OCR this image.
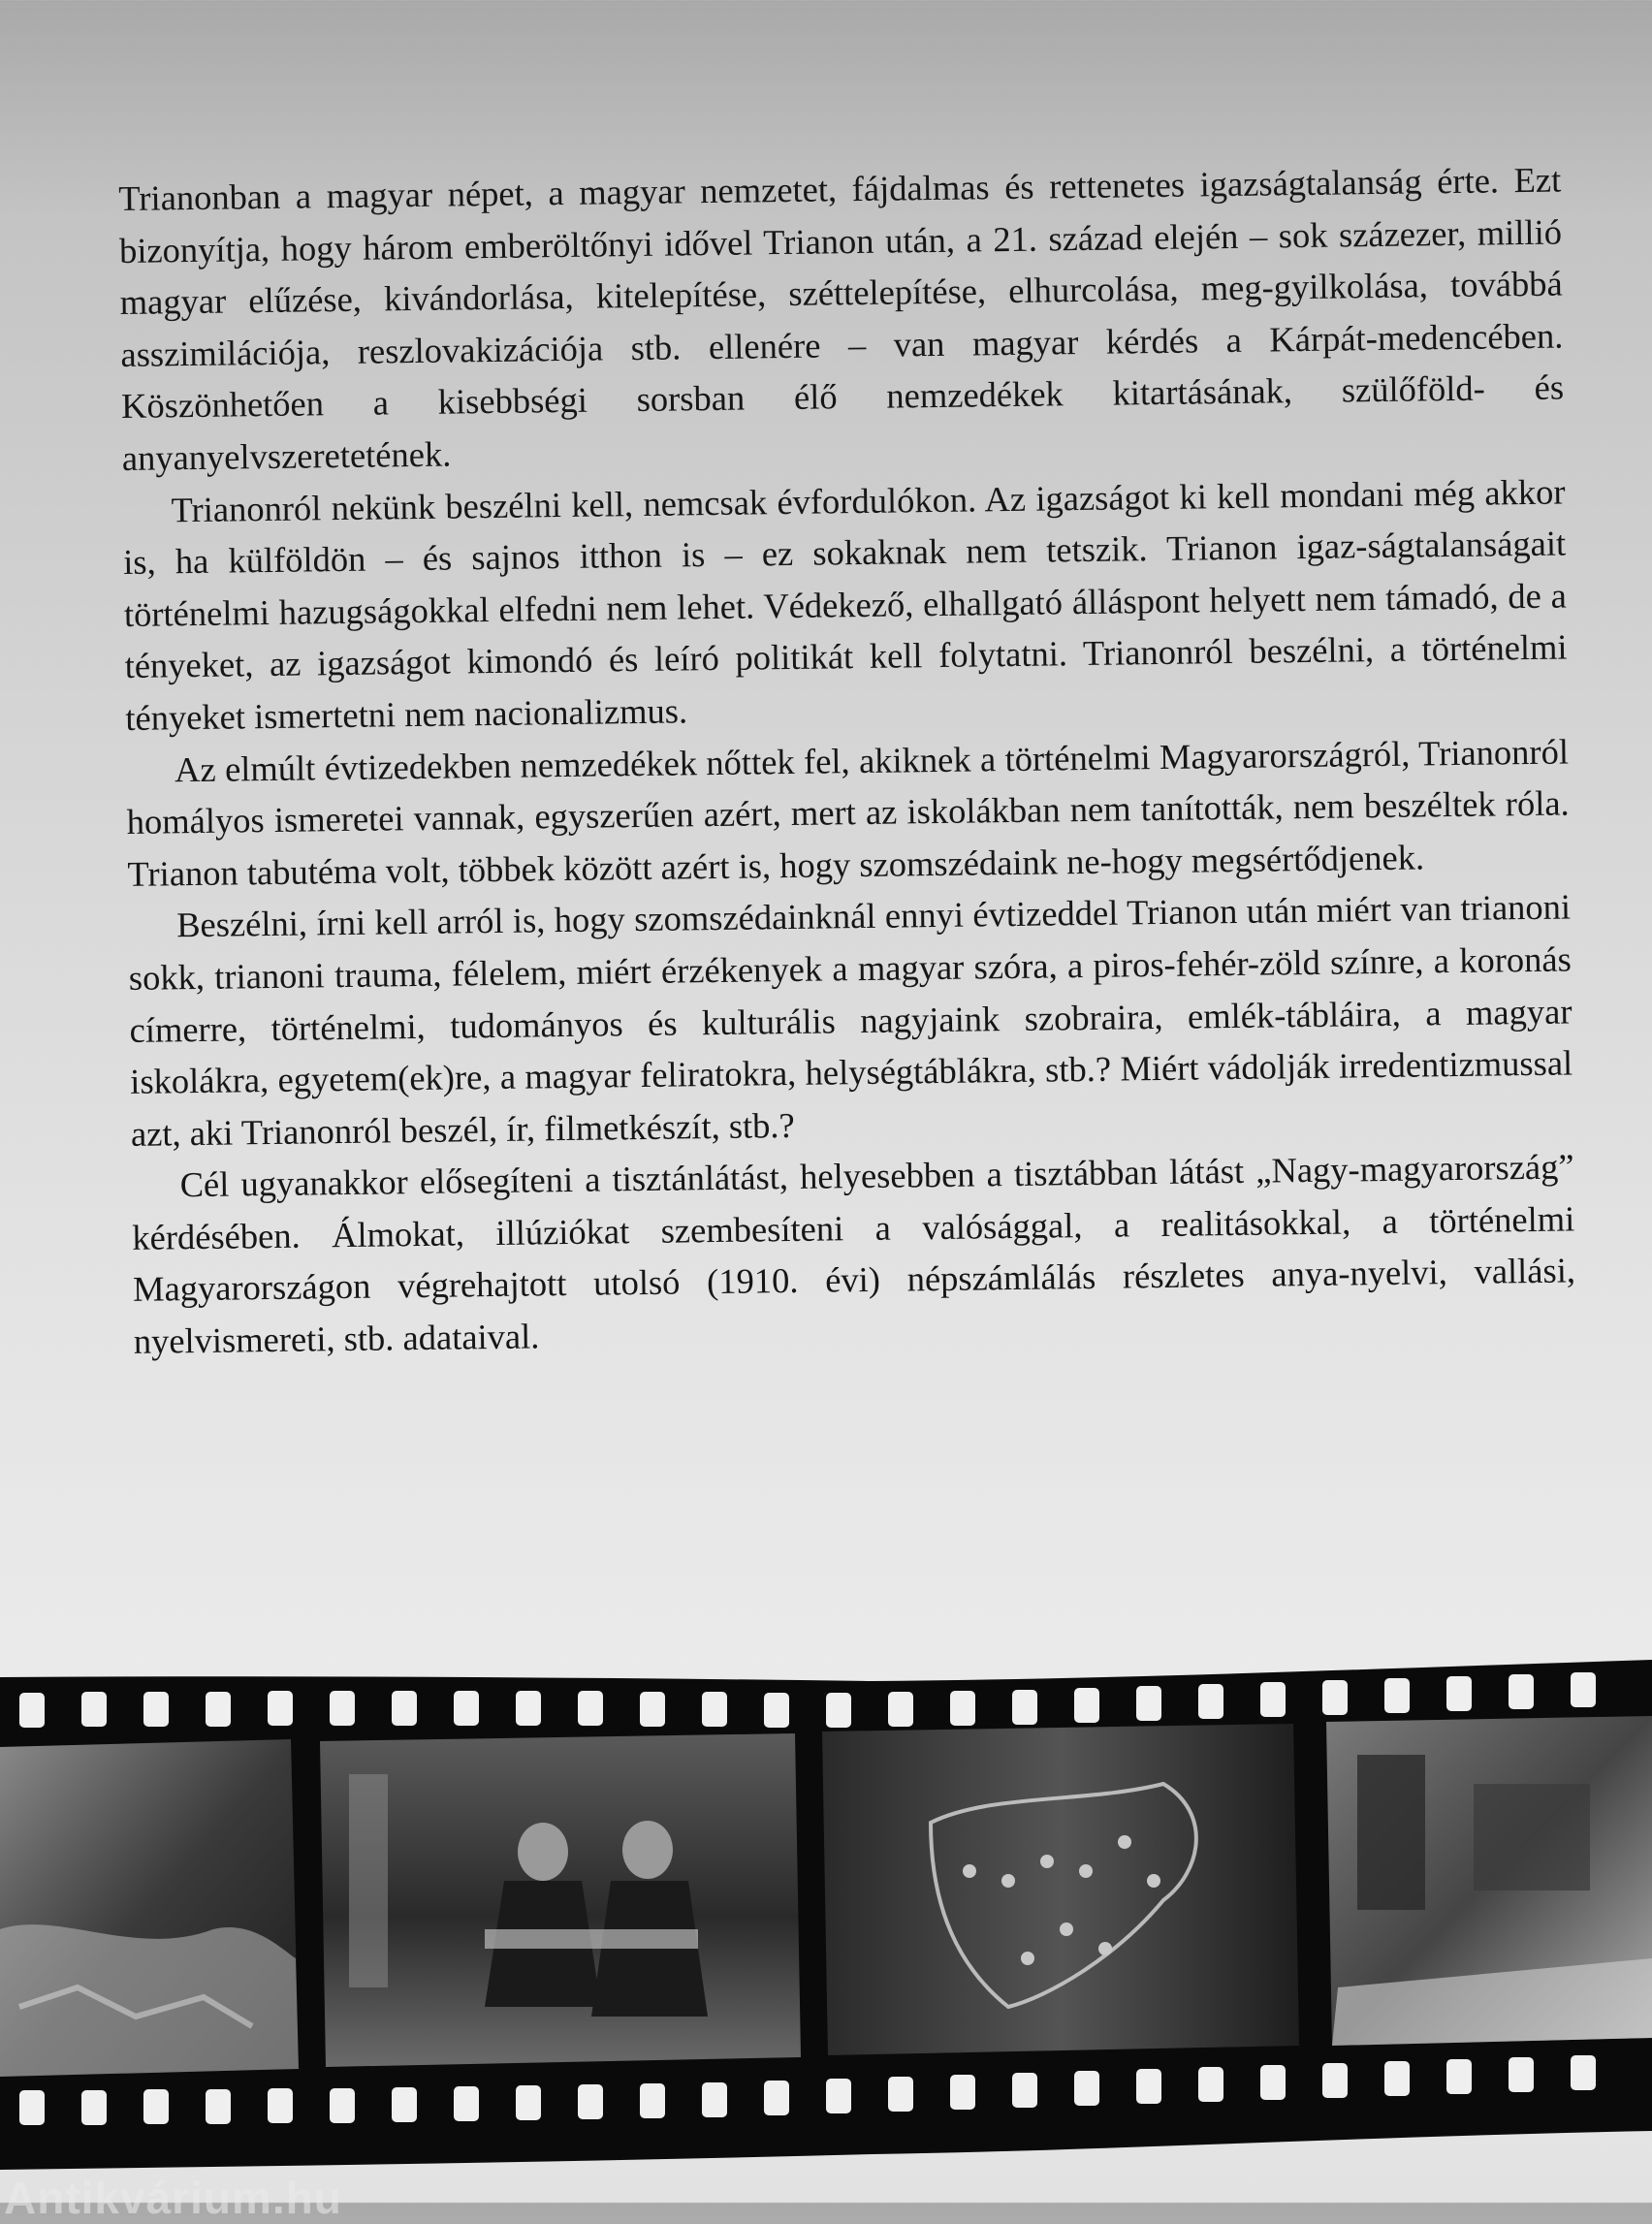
Trianonban a magyar népet, a magyar nemzetet, fájdalmas és rettenetes igazságtalanság érte. Ezt bizonyítja, hogy három emberöltőnyi idővel Trianon után, a 21. század elején – sok százezer, millió magyar elűzése, kivándorlása, kitelepítése, széttelepítése, elhurcolása, meg-gyilkolása, továbbá asszimilációja, reszlovakizációja stb. ellenére – van magyar kérdés a Kárpát-medencében. Köszönhetően a kisebbségi sorsban élő nemzedékek kitartásának, szülőföld- és anyanyelvszeretetének.

Trianonról nekünk beszélni kell, nemcsak évfordulókon. Az igazságot ki kell mondani még akkor is, ha külföldön – és sajnos itthon is – ez sokaknak nem tetszik. Trianon igaz-ságtalanságait történelmi hazugságokkal elfedni nem lehet. Védekező, elhallgató álláspont helyett nem támadó, de a tényeket, az igazságot kimondó és leíró politikát kell folytatni. Trianonról beszélni, a történelmi tényeket ismertetni nem nacionalizmus.

Az elmúlt évtizedekben nemzedékek nőttek fel, akiknek a történelmi Magyarországról, Trianonról homályos ismeretei vannak, egyszerűen azért, mert az iskolákban nem tanították, nem beszéltek róla. Trianon tabutéma volt, többek között azért is, hogy szomszédaink ne-hogy megsértődjenek.

Beszélni, írni kell arról is, hogy szomszédainknál ennyi évtizeddel Trianon után miért van trianoni sokk, trianoni trauma, félelem, miért érzékenyek a magyar szóra, a piros-fehér-zöld színre, a koronás címerre, történelmi, tudományos és kulturális nagyjaink szobraira, emlék-tábláira, a magyar iskolákra, egyetem(ek)re, a magyar feliratokra, helységtáblákra, stb.? Miért vádolják irredentizmussal azt, aki Trianonról beszél, ír, filmetkészít, stb.?

Cél ugyanakkor elősegíteni a tisztánlátást, helyesebben a tisztábban látást „Nagy-magyarország” kérdésében. Álmokat, illúziókat szembesíteni a valósággal, a realitásokkal, a történelmi Magyarországon végrehajtott utolsó (1910. évi) népszámlálás részletes anya-nyelvi, vallási, nyelvismereti, stb. adataival.

Antikvárium.hu
